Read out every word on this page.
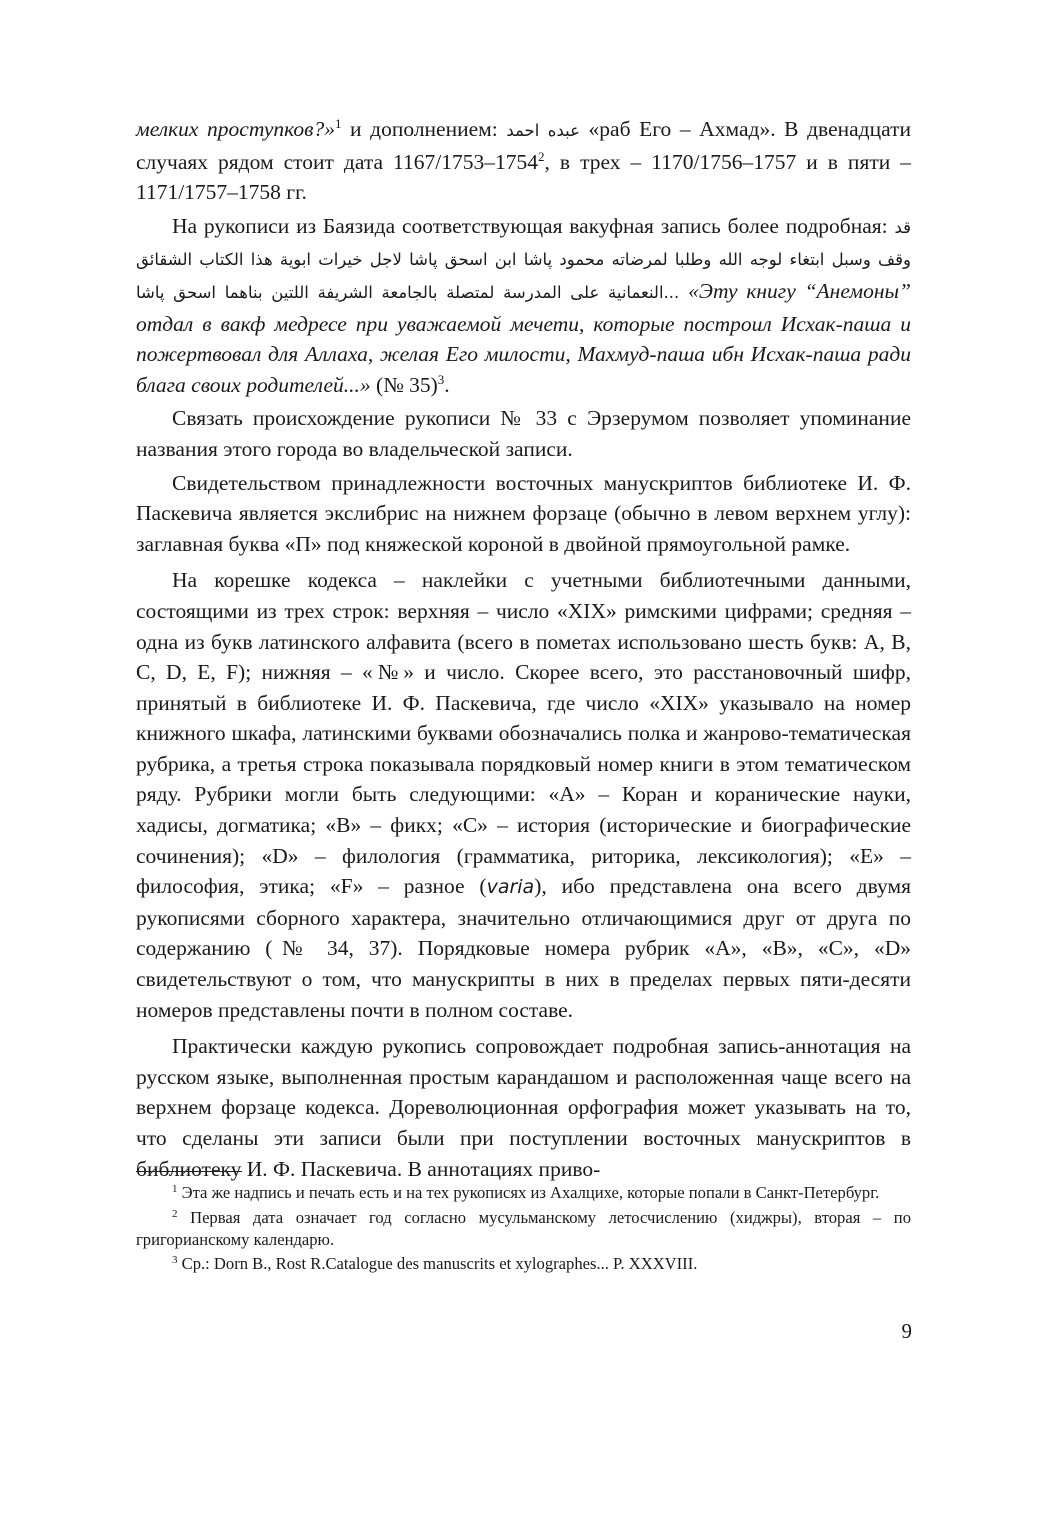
мелких проступков?»$^1$ и дополнением: عبده احمد «раб Его – Ахмад». В двенадцати случаях рядом стоит дата 1167/1753–1754$^2$, в трех – 1170/1756–1757 и в пяти – 1171/1757–1758 гг.

На рукописи из Баязида соответствующая вакуфная запись более подробная: قد وقف وسبل ابتغاء لوجه الله وطلبا لمرضاته محمود پاشا ابن اسحق پاشا لاجل خيرات ابوية هذا الكتاب الشقائق النعمانية على المدرسة لمتصلة بالجامعة الشريفة اللتين بناهما اسحق پاشا... «Эту книгу “Анемоны” отдал в вакф медресе при уважаемой мечети, которые построил Исхак-паша и пожертвовал для Аллаха, желая Его милости, Махмуд-паша ибн Исхак-паша ради блага своих родителей...» (№ 35)$^3$.

Связать происхождение рукописи № 33 с Эрзерумом позволяет упоминание названия этого города во владельческой записи.

Свидетельством принадлежности восточных манускриптов библиотеке И. Ф. Паскевича является экслибрис на нижнем форзаце (обычно в левом верхнем углу): заглавная буква «П» под княжеской короной в двойной прямоугольной рамке.

На корешке кодекса – наклейки с учетными библиотечными данными, состоящими из трех строк: верхняя – число «XIX» римскими цифрами; средняя – одна из букв латинского алфавита (всего в пометах использовано шесть букв: A, B, C, D, E, F); нижняя – «№» и число. Скорее всего, это расстановочный шифр, принятый в библиотеке И. Ф. Паскевича, где число «XIX» указывало на номер книжного шкафа, латинскими буквами обозначались полка и жанрово-тематическая рубрика, а третья строка показывала порядковый номер книги в этом тематическом ряду. Рубрики могли быть следующими: «A» – Коран и коранические науки, хадисы, догматика; «B» – фикх; «C» – история (исторические и биографические сочинения); «D» – филология (грамматика, риторика, лексикология); «E» – философия, этика; «F» – разное (varia), ибо представлена она всего двумя рукописями сборного характера, значительно отличающимися друг от друга по содержанию (№ 34, 37). Порядковые номера рубрик «A», «B», «C», «D» свидетельствуют о том, что манускрипты в них в пределах первых пяти-десяти номеров представлены почти в полном составе.

Практически каждую рукопись сопровождает подробная запись-аннотация на русском языке, выполненная простым карандашом и расположенная чаще всего на верхнем форзаце кодекса. Дореволюционная орфография может указывать на то, что сделаны эти записи были при поступлении восточных манускриптов в библиотеку И. Ф. Паскевича. В аннотациях приво-

$^1$ Эта же надпись и печать есть и на тех рукописях из Ахалцихе, которые попали в Санкт-Петербург.

$^2$ Первая дата означает год согласно мусульманскому летосчислению (хиджры), вторая – по григорианскому календарю.

$^3$ Ср.: Dorn B., Rost R.Catalogue des manuscrits et xylographes... P. XXXVIII.

9
